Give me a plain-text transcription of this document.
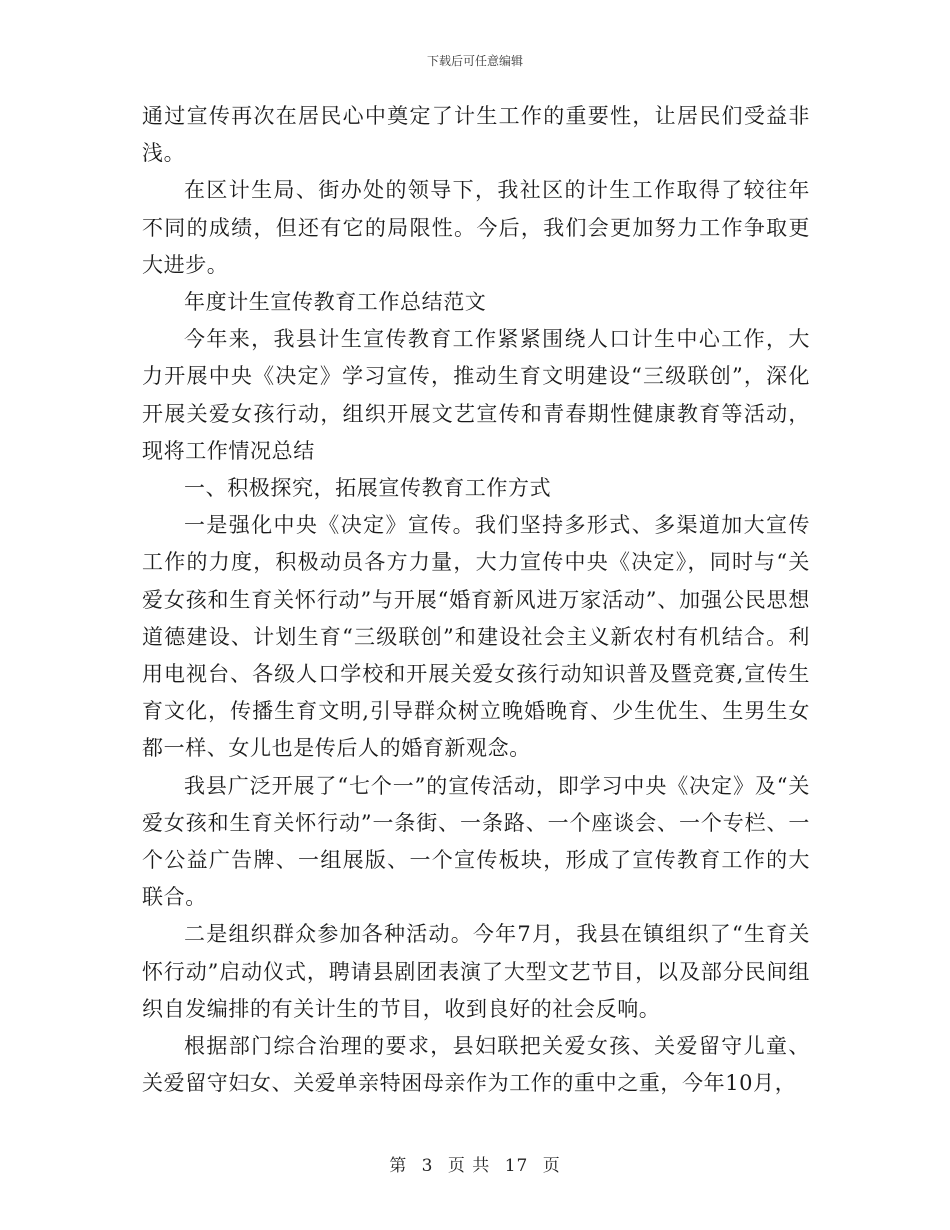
下载后可任意编辑

通过宣传再次在居民心中奠定了计生工作的重要性，让居民们受益非浅。

在区计生局、街办处的领导下，我社区的计生工作取得了较往年不同的成绩，但还有它的局限性。今后，我们会更加努力工作争取更大进步。

年度计生宣传教育工作总结范文

今年来，我县计生宣传教育工作紧紧围绕人口计生中心工作，大力开展中央《决定》学习宣传，推动生育文明建设“三级联创”，深化开展关爱女孩行动，组织开展文艺宣传和青春期性健康教育等活动，现将工作情况总结

一、积极探究，拓展宣传教育工作方式

一是强化中央《决定》宣传。我们坚持多形式、多渠道加大宣传工作的力度，积极动员各方力量，大力宣传中央《决定》，同时与“关爱女孩和生育关怀行动”与开展“婚育新风进万家活动”、加强公民思想道德建设、计划生育“三级联创”和建设社会主义新农村有机结合。利用电视台、各级人口学校和开展关爱女孩行动知识普及暨竞赛,宣传生育文化，传播生育文明,引导群众树立晚婚晚育、少生优生、生男生女都一样、女儿也是传后人的婚育新观念。

我县广泛开展了“七个一”的宣传活动，即学习中央《决定》及“关爱女孩和生育关怀行动”一条街、一条路、一个座谈会、一个专栏、一个公益广告牌、一组展版、一个宣传板块，形成了宣传教育工作的大联合。

二是组织群众参加各种活动。今年7月，我县在镇组织了“生育关怀行动”启动仪式，聘请县剧团表演了大型文艺节目，以及部分民间组织自发编排的有关计生的节目，收到良好的社会反响。

根据部门综合治理的要求，县妇联把关爱女孩、关爱留守儿童、关爱留守妇女、关爱单亲特困母亲作为工作的重中之重，今年10月，

第 3 页 共 17 页
